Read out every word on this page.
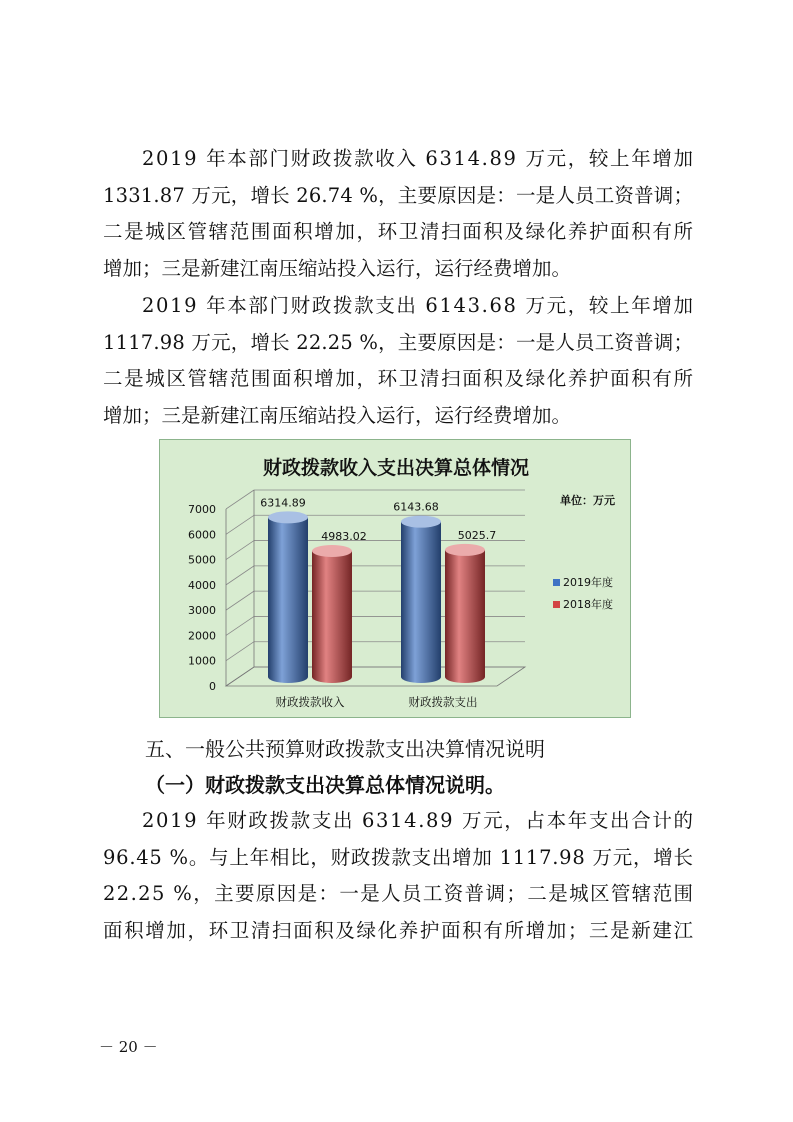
2019 年本部门财政拨款收入 6314.89 万元，较上年增加
1331.87 万元，增长 26.74 %，主要原因是：一是人员工资普调；
二是城区管辖范围面积增加，环卫清扫面积及绿化养护面积有所
增加；三是新建江南压缩站投入运行，运行经费增加。

2019 年本部门财政拨款支出 6143.68 万元，较上年增加
1117.98 万元，增长 22.25 %，主要原因是：一是人员工资普调；
二是城区管辖范围面积增加，环卫清扫面积及绿化养护面积有所
增加；三是新建江南压缩站投入运行，运行经费增加。

财政拨款收入支出决算总体情况
单位：万元
0
1000
2000
3000
4000
5000
6000
7000
6314.89
4983.02
财政拨款收入
6143.68
5025.7
财政拨款支出
2019年度
2018年度
五、一般公共预算财政拨款支出决算情况说明
（一）财政拨款支出决算总体情况说明。

2019 年财政拨款支出 6314.89 万元，占本年支出合计的
96.45 %。与上年相比，财政拨款支出增加 1117.98 万元，增长
22.25 %，主要原因是：一是人员工资普调；二是城区管辖范围
面积增加，环卫清扫面积及绿化养护面积有所增加；三是新建江

－ 20 －
